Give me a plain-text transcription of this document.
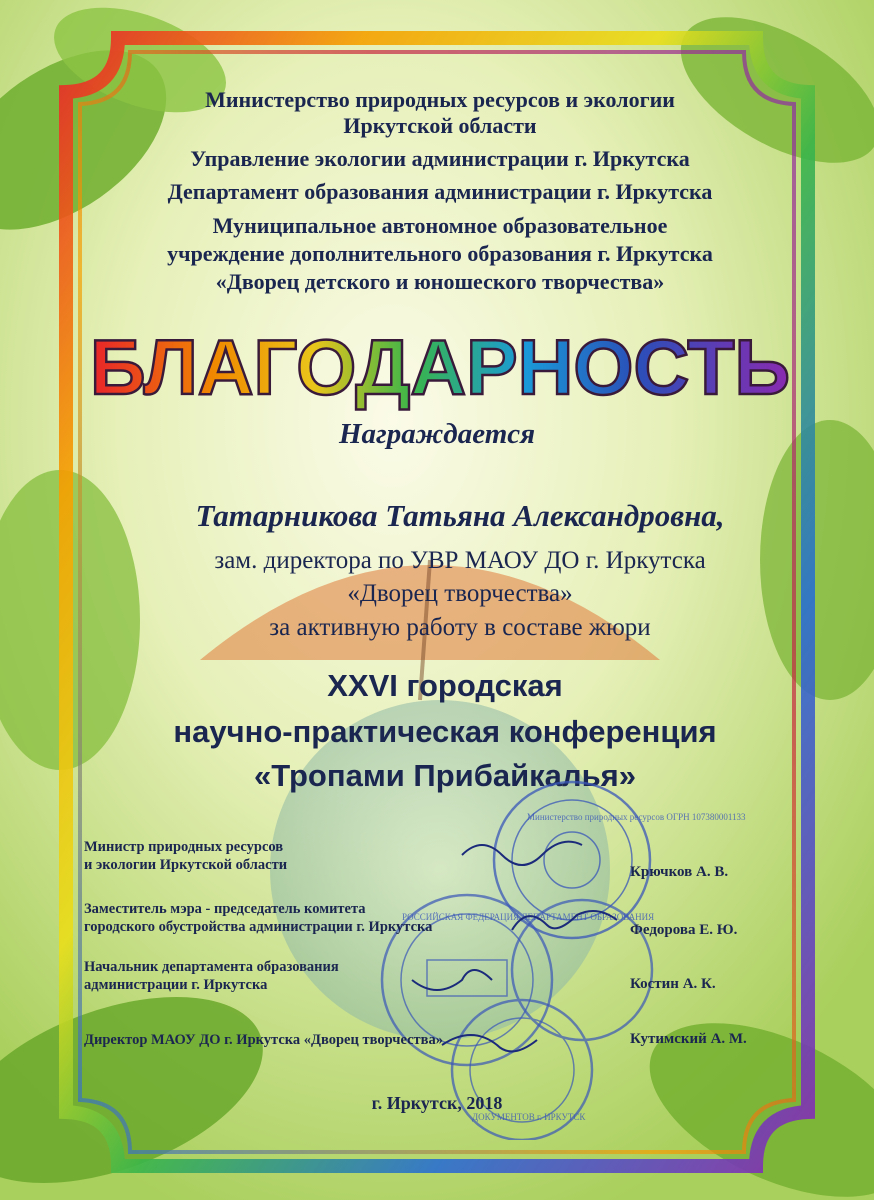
Министерство природных ресурсов и экологии
Иркутской области
Управление экологии администрации г. Иркутска
Департамент образования администрации г. Иркутска
Муниципальное автономное образовательное
учреждение дополнительного образования г. Иркутска
«Дворец детского и юношеского творчества»
БЛАГОДАРНОСТЬ
Награждается
Татарникова Татьяна Александровна,
зам. директора по УВР МАОУ ДО г. Иркутска
«Дворец творчества»
за активную работу в составе жюри
XXVI городская
научно-практическая конференция
«Тропами Прибайкалья»
Министерство природных ресурсов ОГРН 107380001133
РОССИЙСКАЯ ФЕДЕРАЦИЯ ДЕПАРТАМЕНТ ОБРАЗОВАНИЯ
ДОКУМЕНТОВ г. ИРКУТСК
Министр природных ресурсов
и экологии Иркутской области	Крючков А. В.
Заместитель мэра - председатель комитета
городского обустройства администрации г. Иркутска	Федорова Е. Ю.
Начальник департамента образования
администрации г. Иркутска	Костин А. К.
Директор МАОУ ДО г. Иркутска «Дворец творчества»	Кутимский А. М.
г. Иркутск, 2018
